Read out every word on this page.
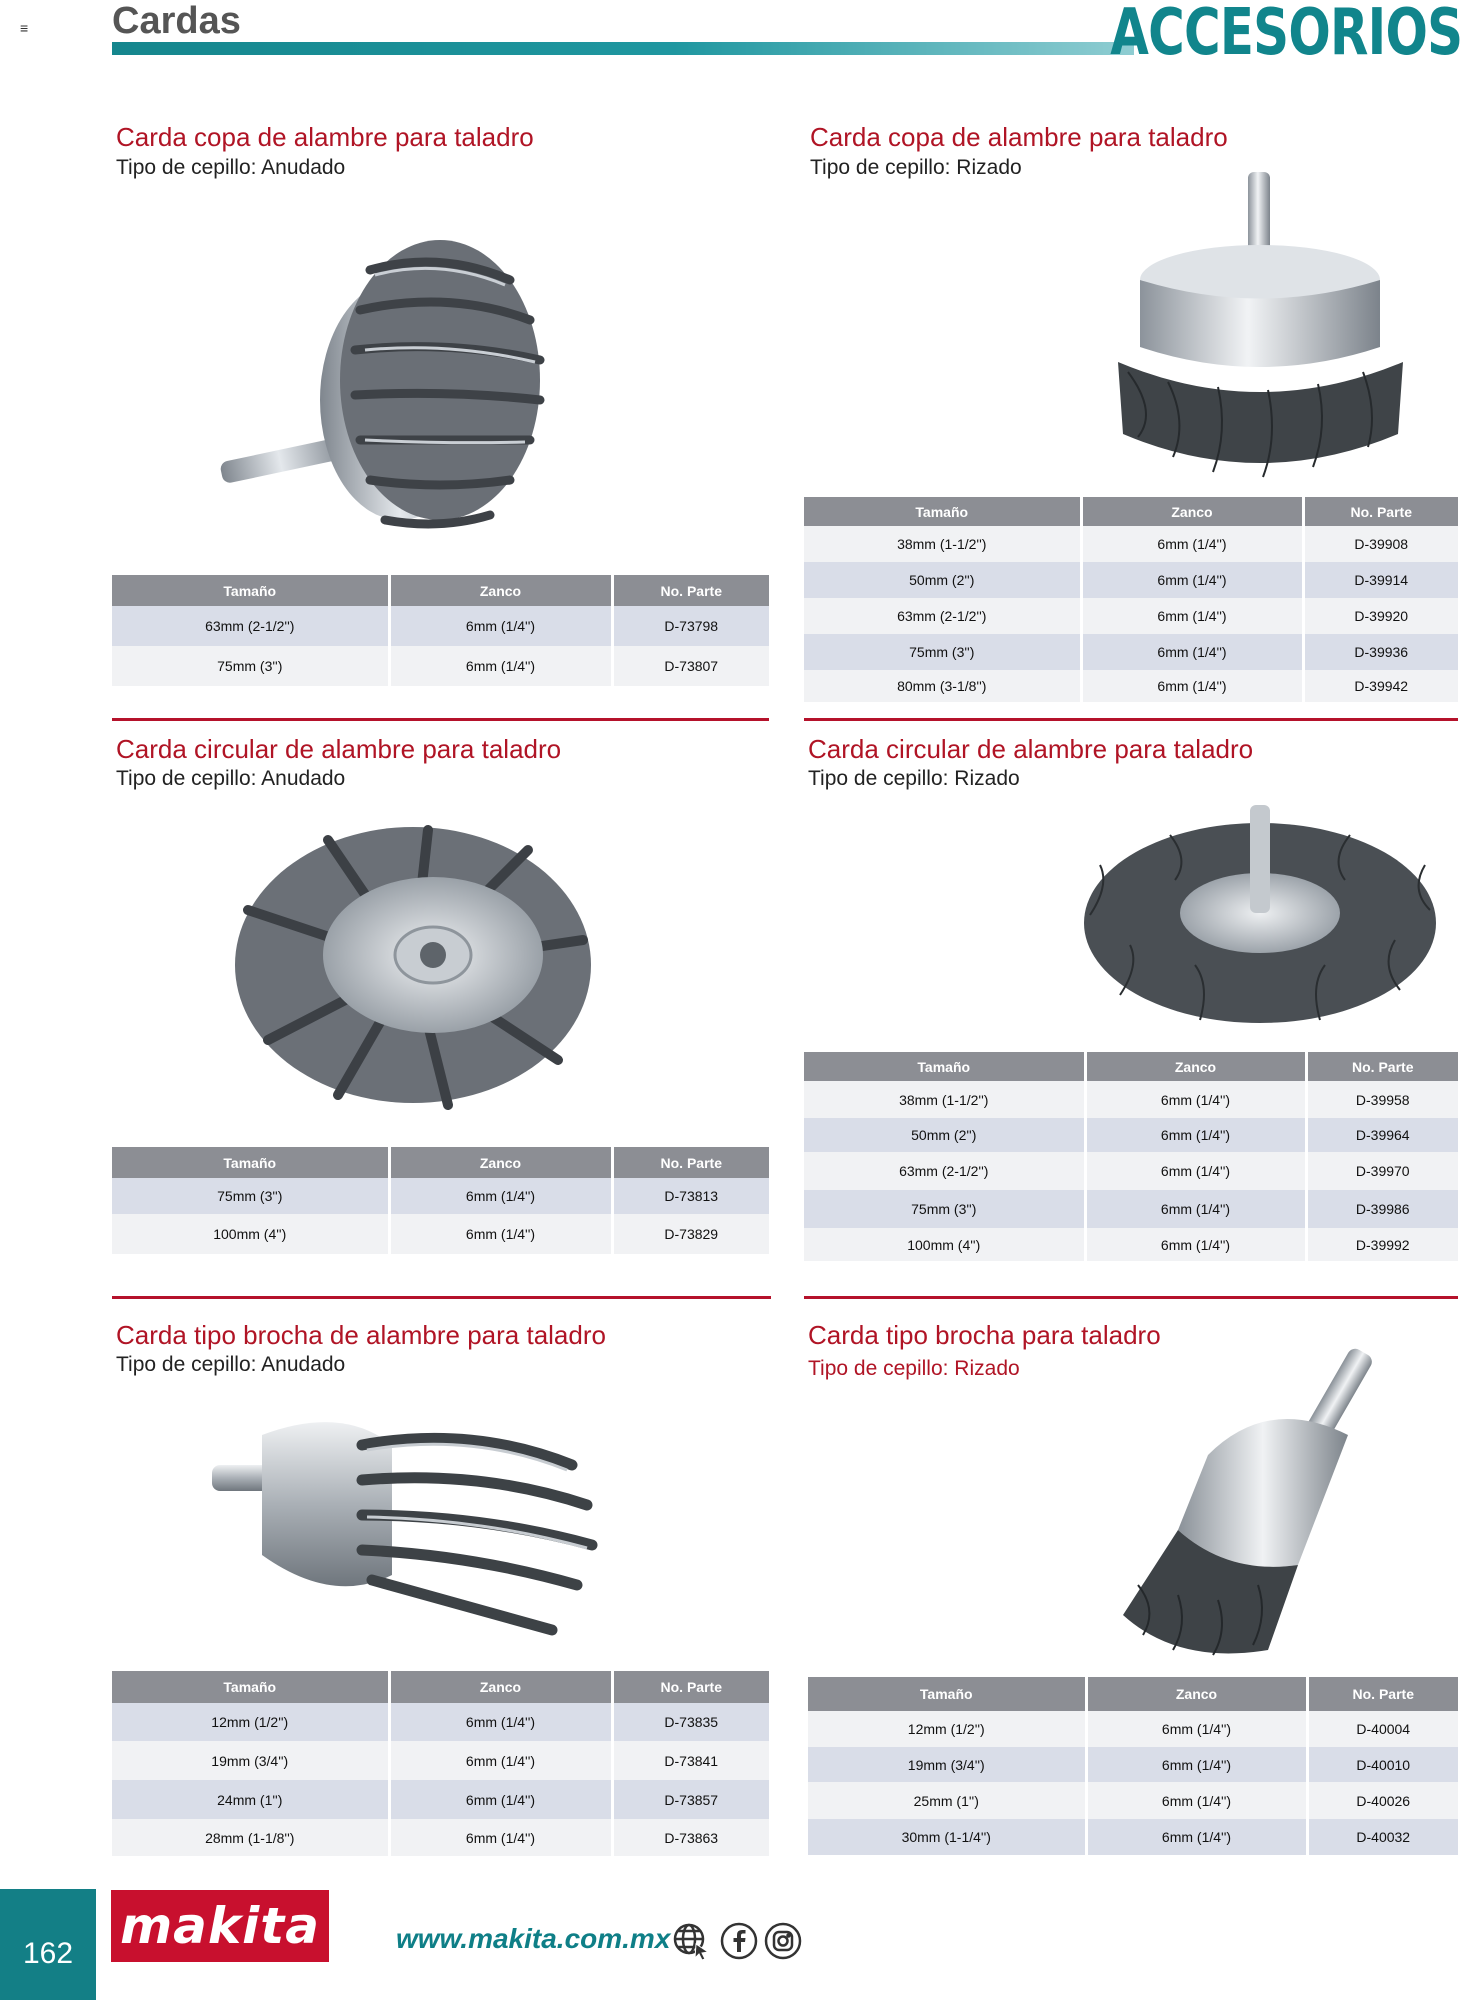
≡ Cardas	ACCESORIOS
Carda copa de alambre para taladro
Tipo de cepillo: Anudado
Tamaño	Zanco	No. Parte
63mm (2-1/2'')	6mm (1/4'')	D-73798
75mm (3'')	6mm (1/4'')	D-73807
Carda copa de alambre para taladro
Tipo de cepillo: Rizado
Tamaño	Zanco	No. Parte
38mm (1-1/2'')	6mm (1/4'')	D-39908
50mm (2'')	6mm (1/4'')	D-39914
63mm (2-1/2'')	6mm (1/4'')	D-39920
75mm (3'')	6mm (1/4'')	D-39936
80mm (3-1/8'')	6mm (1/4'')	D-39942
Carda circular de alambre para taladro
Tipo de cepillo: Anudado
Tamaño	Zanco	No. Parte
75mm (3'')	6mm (1/4'')	D-73813
100mm (4'')	6mm (1/4'')	D-73829
Carda circular de alambre para taladro
Tipo de cepillo: Rizado
Tamaño	Zanco	No. Parte
38mm (1-1/2'')	6mm (1/4'')	D-39958
50mm (2'')	6mm (1/4'')	D-39964
63mm (2-1/2'')	6mm (1/4'')	D-39970
75mm (3'')	6mm (1/4'')	D-39986
100mm (4'')	6mm (1/4'')	D-39992
Carda tipo brocha de alambre para taladro
Tipo de cepillo: Anudado
Tamaño	Zanco	No. Parte
12mm (1/2'')	6mm (1/4'')	D-73835
19mm (3/4'')	6mm (1/4'')	D-73841
24mm (1'')	6mm (1/4'')	D-73857
28mm (1-1/8'')	6mm (1/4'')	D-73863
Carda tipo brocha para taladro
Tipo de cepillo: Rizado
Tamaño	Zanco	No. Parte
12mm (1/2'')	6mm (1/4'')	D-40004
19mm (3/4'')	6mm (1/4'')	D-40010
25mm (1'')	6mm (1/4'')	D-40026
30mm (1-1/4'')	6mm (1/4'')	D-40032
162 makita	www.makita.com.mx
